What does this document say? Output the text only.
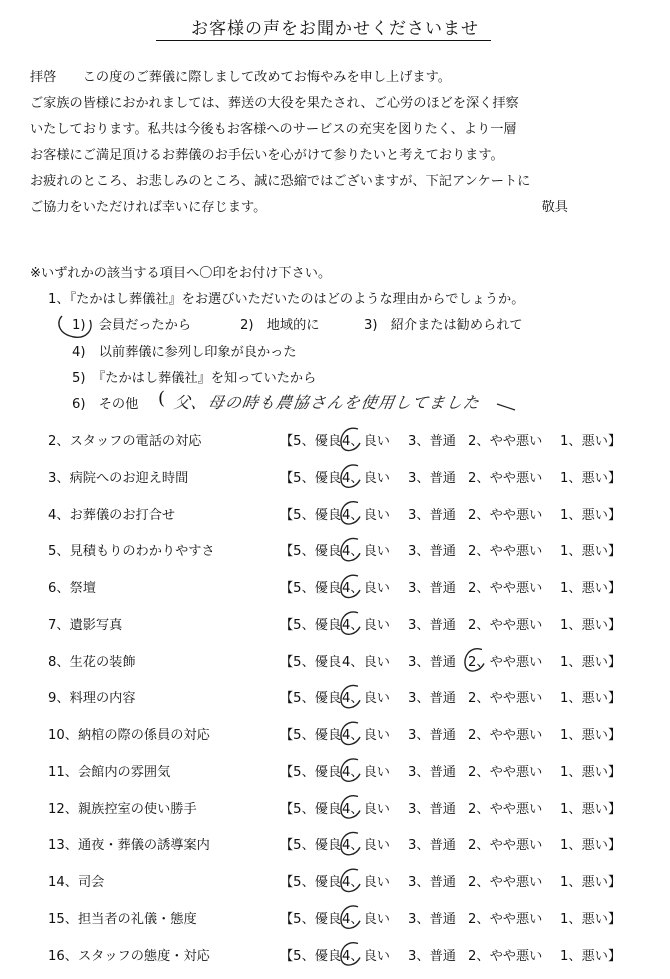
お客様の声をお聞かせくださいませ
拝啓　　この度のご葬儀に際しまして改めてお悔やみを申し上げます。
ご家族の皆様におかれましては、葬送の大役を果たされ、ご心労のほどを深く拝察
いたしております。私共は今後もお客様へのサービスの充実を図りたく、より一層
お客様にご満足頂けるお葬儀のお手伝いを心がけて参りたいと考えております。
お疲れのところ、お悲しみのところ、誠に恐縮ではございますが、下記アンケートに
ご協力をいただければ幸いに存じます。	敬具
※いずれかの該当する項目へ〇印をお付け下さい。
1、『たかはし葬儀社』をお選びいただいたのはどのような理由からでしょうか。
1)　会員だったから	2)　地域的に	3)　紹介または勧められて
4)　以前葬儀に参列し印象が良かった
5)　『たかはし葬儀社』を知っていたから
6)　その他 ( 父、母の時も農協さんを使用してました
2、スタッフの電話の対応	【5、優良 4、良い 3、普通 2、やや悪い 1、悪い】
3、病院へのお迎え時間	【5、優良 4、良い 3、普通 2、やや悪い 1、悪い】
4、お葬儀のお打合せ	【5、優良 4、良い 3、普通 2、やや悪い 1、悪い】
5、見積もりのわかりやすさ	【5、優良 4、良い 3、普通 2、やや悪い 1、悪い】
6、祭壇	【5、優良 4、良い 3、普通 2、やや悪い 1、悪い】
7、遺影写真	【5、優良 4、良い 3、普通 2、やや悪い 1、悪い】
8、生花の装飾	【5、優良 4、良い 3、普通 2、やや悪い 1、悪い】
9、料理の内容	【5、優良 4、良い 3、普通 2、やや悪い 1、悪い】
10、納棺の際の係員の対応	【5、優良 4、良い 3、普通 2、やや悪い 1、悪い】
11、会館内の雰囲気	【5、優良 4、良い 3、普通 2、やや悪い 1、悪い】
12、親族控室の使い勝手	【5、優良 4、良い 3、普通 2、やや悪い 1、悪い】
13、通夜・葬儀の誘導案内	【5、優良 4、良い 3、普通 2、やや悪い 1、悪い】
14、司会	【5、優良 4、良い 3、普通 2、やや悪い 1、悪い】
15、担当者の礼儀・態度	【5、優良 4、良い 3、普通 2、やや悪い 1、悪い】
16、スタッフの態度・対応	【5、優良 4、良い 3、普通 2、やや悪い 1、悪い】
